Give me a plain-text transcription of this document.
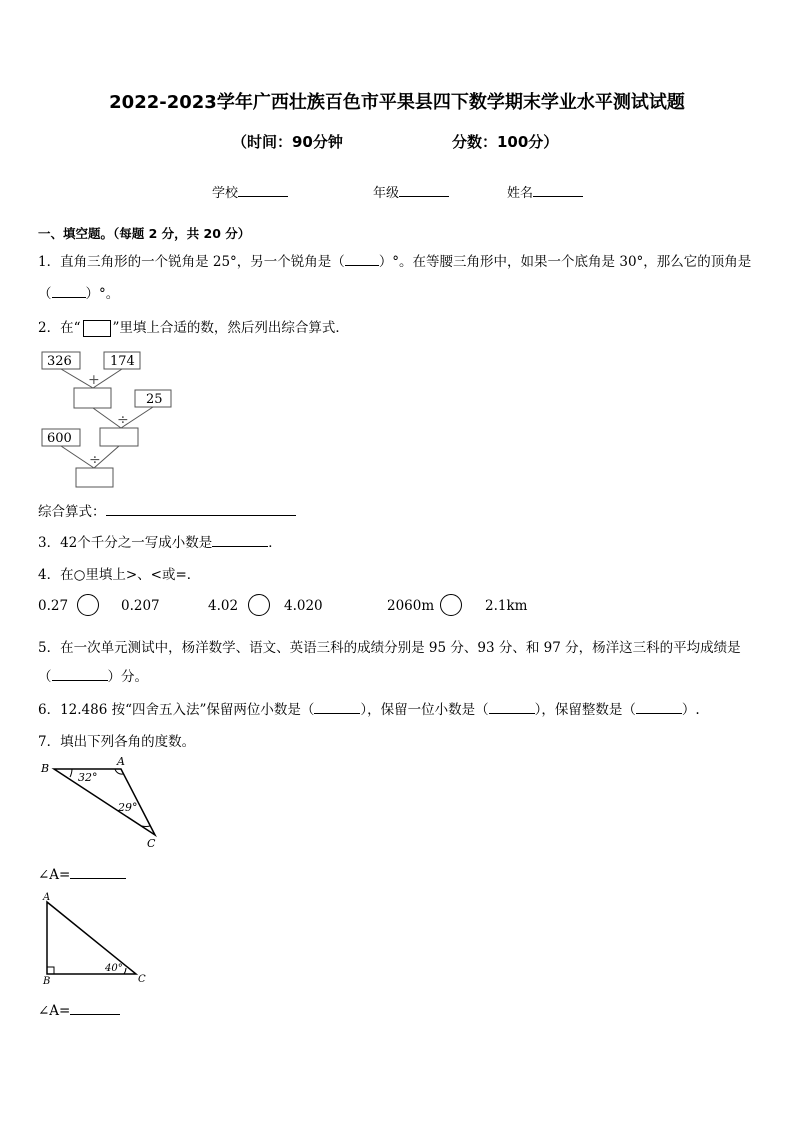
2022-2023学年广西壮族百色市平果县四下数学期末学业水平测试试题
（时间：90分钟	分数：100分）
学校	年级	姓名
一、填空题。（每题 2 分，共 20 分）
1．直角三角形的一个锐角是 25°，另一个锐角是（	）°。在等腰三角形中，如果一个底角是 30°，那么它的顶角是
（	）°。
2．在“ ”里填上合适的数，然后列出综合算式．
326	174
25
600
+
÷
÷
综合算式：
3．42个千分之一写成小数是	．
4．在○里填上>、<或=．
0.27	0.207	4.02	4.020	2060m	2.1km
5．在一次单元测试中，杨洋数学、语文、英语三科的成绩分别是 95 分、93 分、和 97 分，杨洋这三科的平均成绩是
（	）分。
6．12.486 按“四舍五入法”保留两位小数是（	），保留一位小数是（	），保留整数是（	）.
7．填出下列各角的度数。
B
A
C
32°
29°
∠A=
A
B	C
40°
∠A=
